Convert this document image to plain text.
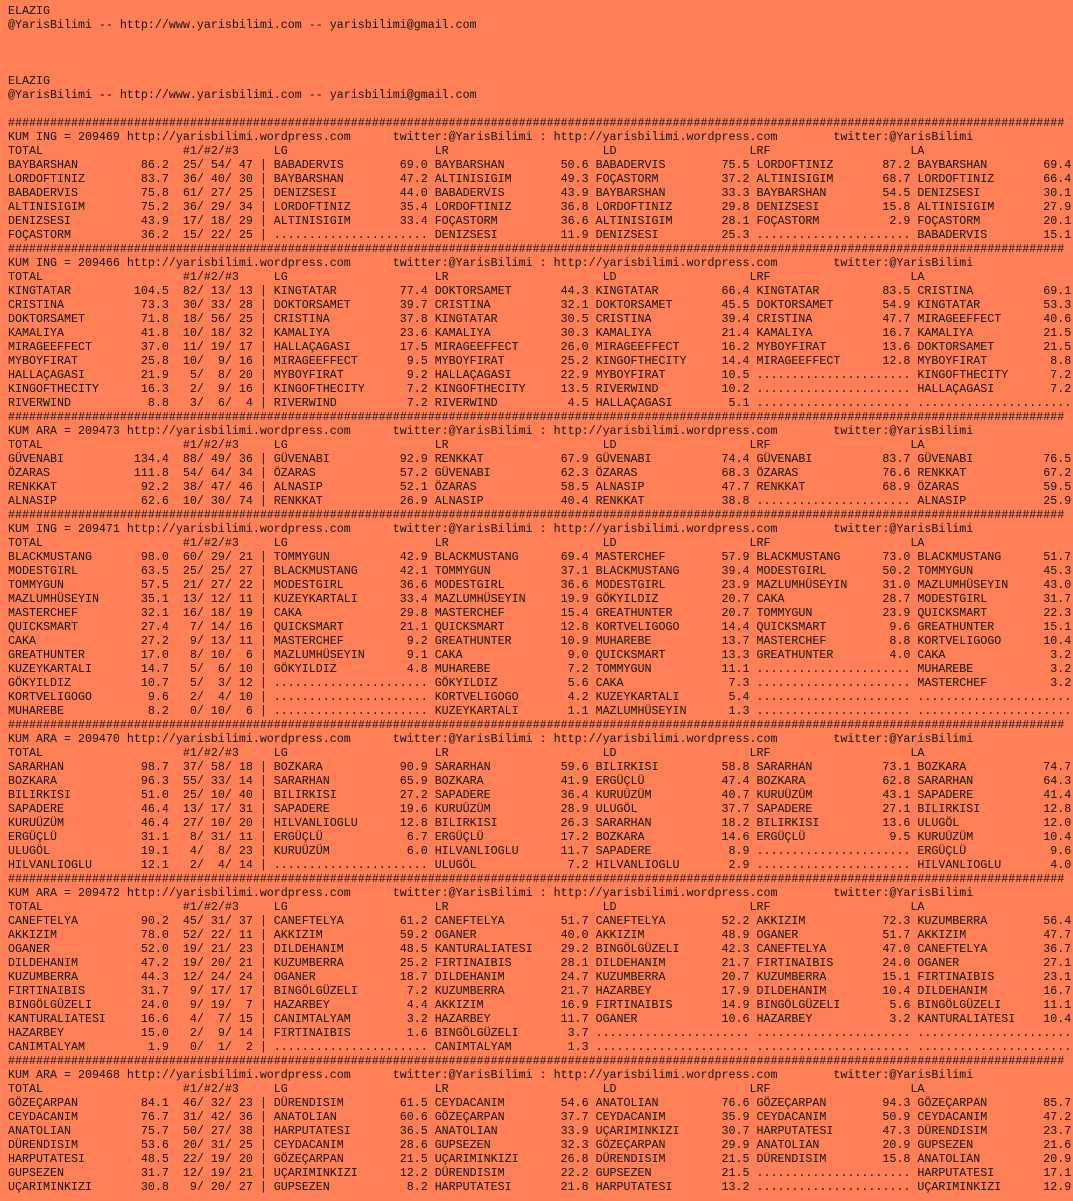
ELAZIG
@YarisBilimi -- http://www.yarisbilimi.com -- yarisbilimi@gmail.com
ELAZIG
@YarisBilimi -- http://www.yarisbilimi.com -- yarisbilimi@gmail.com
#######################################################################################################################################################
KUM ING = 209469 http://yarisbilimi.wordpress.com      twitter:@YarisBilimi : http://yarisbilimi.wordpress.com        twitter:@YarisBilimi
TOTAL                    #1/#2/#3     LG                     LR                      LD                   LRF                    LA
BAYBARSHAN         86.2  25/ 54/ 47 | BABADERVIS        69.0 BAYBARSHAN        50.6 BABADERVIS        75.5 LORDOFTINIZ       87.2 BAYBARSHAN        69.4
LORDOFTINIZ        83.7  36/ 40/ 30 | BAYBARSHAN        47.2 ALTINISIGIM       49.3 FOÇASTORM         37.2 ALTINISIGIM       68.7 LORDOFTINIZ       66.4
BABADERVIS         75.8  61/ 27/ 25 | DENIZSESI         44.0 BABADERVIS        43.9 BAYBARSHAN        33.3 BAYBARSHAN        54.5 DENIZSESI         30.1
ALTINISIGIM        75.2  36/ 29/ 34 | LORDOFTINIZ       35.4 LORDOFTINIZ       36.8 LORDOFTINIZ       29.8 DENIZSESI         15.8 ALTINISIGIM       27.9
DENIZSESI          43.9  17/ 18/ 29 | ALTINISIGIM       33.4 FOÇASTORM         36.6 ALTINISIGIM       28.1 FOÇASTORM          2.9 FOÇASTORM         20.1
FOÇASTORM          36.2  15/ 22/ 25 | ...................... DENIZSESI         11.9 DENIZSESI         25.3 ...................... BABADERVIS        15.1
#######################################################################################################################################################
KUM ING = 209466 http://yarisbilimi.wordpress.com      twitter:@YarisBilimi : http://yarisbilimi.wordpress.com        twitter:@YarisBilimi
TOTAL                    #1/#2/#3     LG                     LR                      LD                   LRF                    LA
KINGTATAR         104.5  82/ 13/ 13 | KINGTATAR         77.4 DOKTORSAMET       44.3 KINGTATAR         66.4 KINGTATAR         83.5 CRISTINA          69.1
CRISTINA           73.3  30/ 33/ 28 | DOKTORSAMET       39.7 CRISTINA          32.1 DOKTORSAMET       45.5 DOKTORSAMET       54.9 KINGTATAR         53.3
DOKTORSAMET        71.8  18/ 56/ 25 | CRISTINA          37.8 KINGTATAR         30.5 CRISTINA          39.4 CRISTINA          47.7 MIRAGEEFFECT      40.6
KAMALIYA           41.8  10/ 18/ 32 | KAMALIYA          23.6 KAMALIYA          30.3 KAMALIYA          21.4 KAMALIYA          16.7 KAMALIYA          21.5
MIRAGEEFFECT       37.0  11/ 19/ 17 | HALLAÇAGASI       17.5 MIRAGEEFFECT      26.0 MIRAGEEFFECT      16.2 MYBOYFIRAT        13.6 DOKTORSAMET       21.5
MYBOYFIRAT         25.8  10/  9/ 16 | MIRAGEEFFECT       9.5 MYBOYFIRAT        25.2 KINGOFTHECITY     14.4 MIRAGEEFFECT      12.8 MYBOYFIRAT         8.8
HALLAÇAGASI        21.9   5/  8/ 20 | MYBOYFIRAT         9.2 HALLAÇAGASI       22.9 MYBOYFIRAT        10.5 ...................... KINGOFTHECITY      7.2
KINGOFTHECITY      16.3   2/  9/ 16 | KINGOFTHECITY      7.2 KINGOFTHECITY     13.5 RIVERWIND         10.2 ...................... HALLAÇAGASI        7.2
RIVERWIND           8.8   3/  6/  4 | RIVERWIND          7.2 RIVERWIND          4.5 HALLAÇAGASI        5.1 ...................... ......................
#######################################################################################################################################################
KUM ARA = 209473 http://yarisbilimi.wordpress.com      twitter:@YarisBilimi : http://yarisbilimi.wordpress.com        twitter:@YarisBilimi
TOTAL                    #1/#2/#3     LG                     LR                      LD                   LRF                    LA
GÜVENABI          134.4  88/ 49/ 36 | GÜVENABI          92.9 RENKKAT           67.9 GÜVENABI          74.4 GÜVENABI          83.7 GÜVENABI          76.5
ÖZARAS            111.8  54/ 64/ 34 | ÖZARAS            57.2 GÜVENABI          62.3 ÖZARAS            68.3 ÖZARAS            76.6 RENKKAT           67.2
RENKKAT            92.2  38/ 47/ 46 | ALNASIP           52.1 ÖZARAS            58.5 ALNASIP           47.7 RENKKAT           68.9 ÖZARAS            59.5
ALNASIP            62.6  10/ 30/ 74 | RENKKAT           26.9 ALNASIP           40.4 RENKKAT           38.8 ...................... ALNASIP           25.9
#######################################################################################################################################################
KUM ING = 209471 http://yarisbilimi.wordpress.com      twitter:@YarisBilimi : http://yarisbilimi.wordpress.com        twitter:@YarisBilimi
TOTAL                    #1/#2/#3     LG                     LR                      LD                   LRF                    LA
BLACKMUSTANG       98.0  60/ 29/ 21 | TOMMYGUN          42.9 BLACKMUSTANG      69.4 MASTERCHEF        57.9 BLACKMUSTANG      73.0 BLACKMUSTANG      51.7
MODESTGIRL         63.5  25/ 25/ 27 | BLACKMUSTANG      42.1 TOMMYGUN          37.1 BLACKMUSTANG      39.4 MODESTGIRL        50.2 TOMMYGUN          45.3
TOMMYGUN           57.5  21/ 27/ 22 | MODESTGIRL        36.6 MODESTGIRL        36.6 MODESTGIRL        23.9 MAZLUMHÜSEYIN     31.0 MAZLUMHÜSEYIN     43.0
MAZLUMHÜSEYIN      35.1  13/ 12/ 11 | KUZEYKARTALI      33.4 MAZLUMHÜSEYIN     19.9 GÖKYILDIZ         20.7 CAKA              28.7 MODESTGIRL        31.7
MASTERCHEF         32.1  16/ 18/ 19 | CAKA              29.8 MASTERCHEF        15.4 GREATHUNTER       20.7 TOMMYGUN          23.9 QUICKSMART        22.3
QUICKSMART         27.4   7/ 14/ 16 | QUICKSMART        21.1 QUICKSMART        12.8 KORTVELIGOGO      14.4 QUICKSMART         9.6 GREATHUNTER       15.1
CAKA               27.2   9/ 13/ 11 | MASTERCHEF         9.2 GREATHUNTER       10.9 MUHAREBE          13.7 MASTERCHEF         8.8 KORTVELIGOGO      10.4
GREATHUNTER        17.0   8/ 10/  6 | MAZLUMHÜSEYIN      9.1 CAKA               9.0 QUICKSMART        13.3 GREATHUNTER        4.0 CAKA               3.2
KUZEYKARTALI       14.7   5/  6/ 10 | GÖKYILDIZ          4.8 MUHAREBE           7.2 TOMMYGUN          11.1 ...................... MUHAREBE           3.2
GÖKYILDIZ          10.7   5/  3/ 12 | ...................... GÖKYILDIZ          5.6 CAKA               7.3 ...................... MASTERCHEF         3.2
KORTVELIGOGO        9.6   2/  4/ 10 | ...................... KORTVELIGOGO       4.2 KUZEYKARTALI       5.4 ...................... ......................
MUHAREBE            8.2   0/ 10/  6 | ...................... KUZEYKARTALI       1.1 MAZLUMHÜSEYIN      1.3 ...................... ......................
#######################################################################################################################################################
KUM ARA = 209470 http://yarisbilimi.wordpress.com      twitter:@YarisBilimi : http://yarisbilimi.wordpress.com        twitter:@YarisBilimi
TOTAL                    #1/#2/#3     LG                     LR                      LD                   LRF                    LA
SARARHAN           98.7  37/ 58/ 18 | BOZKARA           90.9 SARARHAN          59.6 BILIRKISI         58.8 SARARHAN          73.1 BOZKARA           74.7
BOZKARA            96.3  55/ 33/ 14 | SARARHAN          65.9 BOZKARA           41.9 ERGÜÇLÜ           47.4 BOZKARA           62.8 SARARHAN          64.3
BILIRKISI          51.0  25/ 10/ 40 | BILIRKISI         27.2 SAPADERE          36.4 KURUÜZÜM          40.7 KURUÜZÜM          43.1 SAPADERE          41.4
SAPADERE           46.4  13/ 17/ 31 | SAPADERE          19.6 KURUÜZÜM          28.9 ULUGÖL            37.7 SAPADERE          27.1 BILIRKISI         12.8
KURUÜZÜM           46.4  27/ 10/ 20 | HILVANLIOGLU      12.8 BILIRKISI         26.3 SARARHAN          18.2 BILIRKISI         13.6 ULUGÖL            12.0
ERGÜÇLÜ            31.1   8/ 31/ 11 | ERGÜÇLÜ            6.7 ERGÜÇLÜ           17.2 BOZKARA           14.6 ERGÜÇLÜ            9.5 KURUÜZÜM          10.4
ULUGÖL             19.1   4/  8/ 23 | KURUÜZÜM           6.0 HILVANLIOGLU      11.7 SAPADERE           8.9 ...................... ERGÜÇLÜ            9.6
HILVANLIOGLU       12.1   2/  4/ 14 | ...................... ULUGÖL             7.2 HILVANLIOGLU       2.9 ...................... HILVANLIOGLU       4.0
#######################################################################################################################################################
KUM ARA = 209472 http://yarisbilimi.wordpress.com      twitter:@YarisBilimi : http://yarisbilimi.wordpress.com        twitter:@YarisBilimi
TOTAL                    #1/#2/#3     LG                     LR                      LD                   LRF                    LA
CANEFTELYA         90.2  45/ 31/ 37 | CANEFTELYA        61.2 CANEFTELYA        51.7 CANEFTELYA        52.2 AKKIZIM           72.3 KUZUMBERRA        56.4
AKKIZIM            78.0  52/ 22/ 11 | AKKIZIM           59.2 OGANER            40.0 AKKIZIM           48.9 OGANER            51.7 AKKIZIM           47.7
OGANER             52.0  19/ 21/ 23 | DILDEHANIM        48.5 KANTURALIATESI    29.2 BINGÖLGÜZELI      42.3 CANEFTELYA        47.0 CANEFTELYA        36.7
DILDEHANIM         47.2  19/ 20/ 21 | KUZUMBERRA        25.2 FIRTINAIBIS       28.1 DILDEHANIM        21.7 FIRTINAIBIS       24.0 OGANER            27.1
KUZUMBERRA         44.3  12/ 24/ 24 | OGANER            18.7 DILDEHANIM        24.7 KUZUMBERRA        20.7 KUZUMBERRA        15.1 FIRTINAIBIS       23.1
FIRTINAIBIS        31.7   9/ 17/ 17 | BINGÖLGÜZELI       7.2 KUZUMBERRA        21.7 HAZARBEY          17.9 DILDEHANIM        10.4 DILDEHANIM        16.7
BINGÖLGÜZELI       24.0   9/ 19/  7 | HAZARBEY           4.4 AKKIZIM           16.9 FIRTINAIBIS       14.9 BINGÖLGÜZELI       5.6 BINGÖLGÜZELI      11.1
KANTURALIATESI     16.6   4/  7/ 15 | CANIMTALYAM        3.2 HAZARBEY          11.7 OGANER            10.6 HAZARBEY           3.2 KANTURALIATESI    10.4
HAZARBEY           15.0   2/  9/ 14 | FIRTINAIBIS        1.6 BINGÖLGÜZELI       3.7 ...................... ...................... ......................
CANIMTALYAM         1.9   0/  1/  2 | ...................... CANIMTALYAM        1.3 ...................... ...................... ......................
#######################################################################################################################################################
KUM ARA = 209468 http://yarisbilimi.wordpress.com      twitter:@YarisBilimi : http://yarisbilimi.wordpress.com        twitter:@YarisBilimi
TOTAL                    #1/#2/#3     LG                     LR                      LD                   LRF                    LA
GÖZEÇARPAN         84.1  46/ 32/ 23 | DÜRENDISIM        61.5 CEYDACANIM        54.6 ANATOLIAN         76.6 GÖZEÇARPAN        94.3 GÖZEÇARPAN        85.7
CEYDACANIM         76.7  31/ 42/ 36 | ANATOLIAN         60.6 GÖZEÇARPAN        37.7 CEYDACANIM        35.9 CEYDACANIM        50.9 CEYDACANIM        47.2
ANATOLIAN          75.7  50/ 27/ 38 | HARPUTATESI       36.5 ANATOLIAN         33.9 UÇARIMINKIZI      30.7 HARPUTATESI       47.3 DÜRENDISIM        23.7
DÜRENDISIM         53.6  20/ 31/ 25 | CEYDACANIM        28.6 GUPSEZEN          32.3 GÖZEÇARPAN        29.9 ANATOLIAN         20.9 GUPSEZEN          21.6
HARPUTATESI        48.5  22/ 19/ 20 | GÖZEÇARPAN        21.5 UÇARIMINKIZI      26.8 DÜRENDISIM        21.5 DÜRENDISIM        15.8 ANATOLIAN         20.9
GUPSEZEN           31.7  12/ 19/ 21 | UÇARIMINKIZI      12.2 DÜRENDISIM        22.2 GUPSEZEN          21.5 ...................... HARPUTATESI       17.1
UÇARIMINKIZI       30.8   9/ 20/ 27 | GUPSEZEN           8.2 HARPUTATESI       21.8 HARPUTATESI       13.2 ...................... UÇARIMINKIZI      12.9
